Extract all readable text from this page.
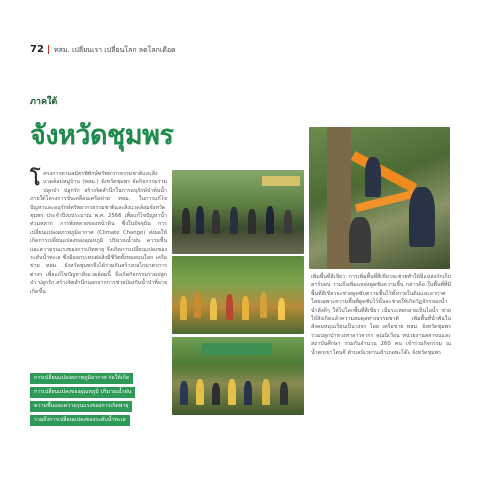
72 ทสม. เปลี่ยนเรา เปลี่ยนโลก ลดโลกเดือด
ภาคใต้
จังหวัดชุมพร

โครงการตามสมัครพิทักษ์ทรัพยากรธรรมชาติและสิ่งแวดล้อมหมู่บ้าน (ทสม.) จังหวัดชุมพร จัดกิจกรรมร่วมปลูกป่า ปลูกรัก สร้างจิตสำนึกในการอนุรักษ์ป่าต้นน้ำ ภายใต้โครงการขับเคลื่อนเครือข่าย ทสม. ในการแก้ไขปัญหาและอนุรักษ์ทรัพยากรธรรมชาติและสิ่งแวดล้อมจังหวัดชุมพร ประจำปีงบประมาณ พ.ศ. 2566 เพื่อแก้ไขปัญหาน้ำท่วมหลาก การพังทลายของหน้าดิน ซึ่งในปัจจุบัน การเปลี่ยนแปลงสภาพภูมิอากาศ (Climate Change) ส่งผลให้เกิดการเปลี่ยนแปลงของอุณหภูมิ ปริมาณน้ำฝน ความชื้น และความรุนแรงของการเกิดพายุ จึงเกิดการเปลี่ยนแปลงของระดับน้ำทะเล ซึ่งมีผลกระทบต่อสิ่งมีชีวิตทั้งหมดบนโลก เครือข่าย ทสม. จังหวัดชุมพรจึงได้ร่วมกันสร้างกลไกมาตรการต่างๆ เพื่อแก้ไขปัญหาสิ่งแวดล้อมนี้ จึงเกิดกิจกรรมร่วมปลูกป่า ปลูกรัก สร้างจิตสำนึกนอกจากการช่วยป้องกันน้ำป่าที่อาจเกิดขึ้น

การเปลี่ยนแปลงสภาพภูมิอากาศ ก่อให้เกิด
การเปลี่ยนแปลงของอุณหภูมิ ปริมาณน้ำฝน
ความชื้นและความรุนแรงของการเกิดพายุ
รวมถึงการเปลี่ยนแปลงของระดับน้ำทะเล

เพิ่มพื้นที่สีเขียว การเพิ่มพื้นที่สีเขียวจะช่วยทำให้มีแหล่งกักเก็บคาร์บอน รวมถึงเพิ่มแหล่งดูดซับความชื้น กล่าวคือ ในพื้นที่ที่มีพื้นที่สีเขียวจะช่วยดูดซับความชื้นไว้ทั้งกายในดินและอากาศ โดยเฉพาะความชื้นที่ดูดซับไว้นั้นจะช่วยให้เกิดวัฏจักรของน้ำ นำสิ่งดีๆ ให้ไปโลกพื้นที่สีเขียว เมื่อระเหยกลายเป็นไอน้ำ ช่วยให้สิ่งเกิดแล้วความสมดุลทางธรรมชาติ เพิ่มพื้นที่นำพันในสังคมหมุนเวียนเป็นวงจร โดย เครือข่าย ทสม. จังหวัดชุมพร ร่วมปลูกป่าหวงหาลาวจากร คุณนิเวียน หน่วยงานสสาขนและสถาบันศึกษา ร่วมกันจำนวน 260 คน เข้าร่วมกิจกรรม ณ น้ำตกเขาโตนจึ ตำบลนิเวยานเฝ้าเภอพะโต๊ะ จังหวัดชุมพร
